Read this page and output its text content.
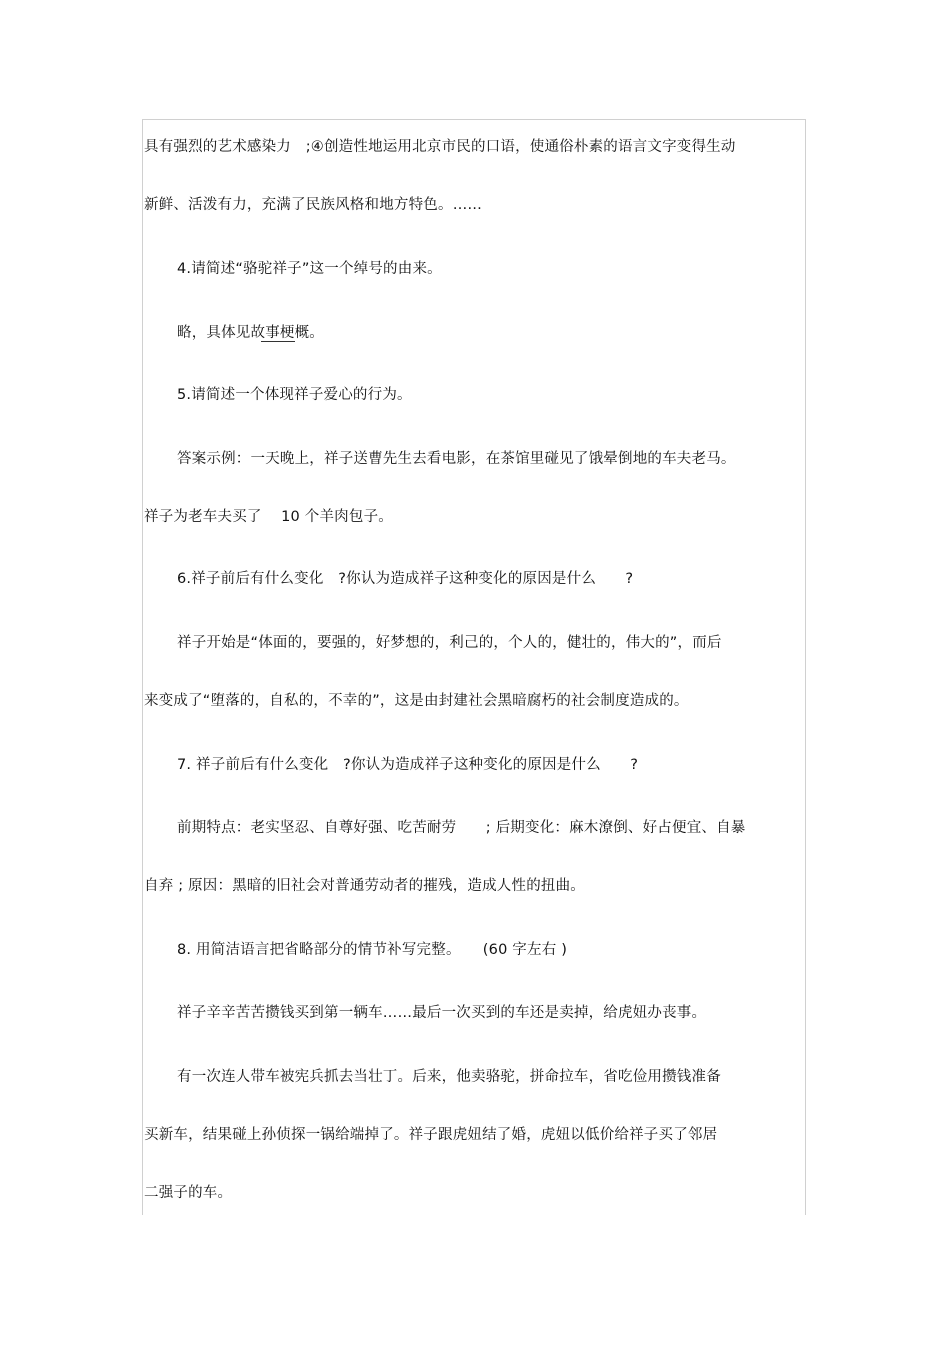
具有强烈的艺术感染力　;④创造性地运用北京市民的口语，使通俗朴素的语言文字变得生动
新鲜、活泼有力，充满了民族风格和地方特色。……
4.请简述“骆驼祥子”这一个绰号的由来。
略，具体见故事梗概。
5.请简述一个体现祥子爱心的行为。
答案示例：一天晚上，祥子送曹先生去看电影，在茶馆里碰见了饿晕倒地的车夫老马。
祥子为老车夫买了　 10 个羊肉包子。
6.祥子前后有什么变化　?你认为造成祥子这种变化的原因是什么　　?
祥子开始是“体面的，要强的，好梦想的，利己的，个人的，健壮的，伟大的”，而后
来变成了“堕落的，自私的，不幸的”，这是由封建社会黑暗腐朽的社会制度造成的。
7. 祥子前后有什么变化　?你认为造成祥子这种变化的原因是什么　　?
前期特点：老实坚忍、自尊好强、吃苦耐劳　　; 后期变化：麻木潦倒、好占便宜、自暴
自弃 ; 原因：黑暗的旧社会对普通劳动者的摧残，造成人性的扭曲。
8. 用简洁语言把省略部分的情节补写完整。　　(60 字左右 )
祥子辛辛苦苦攒钱买到第一辆车……最后一次买到的车还是卖掉，给虎妞办丧事。
有一次连人带车被宪兵抓去当壮丁。后来，他卖骆驼，拼命拉车，省吃俭用攒钱准备
买新车，结果碰上孙侦探一锅给端掉了。祥子跟虎妞结了婚，虎妞以低价给祥子买了邻居
二强子的车。
